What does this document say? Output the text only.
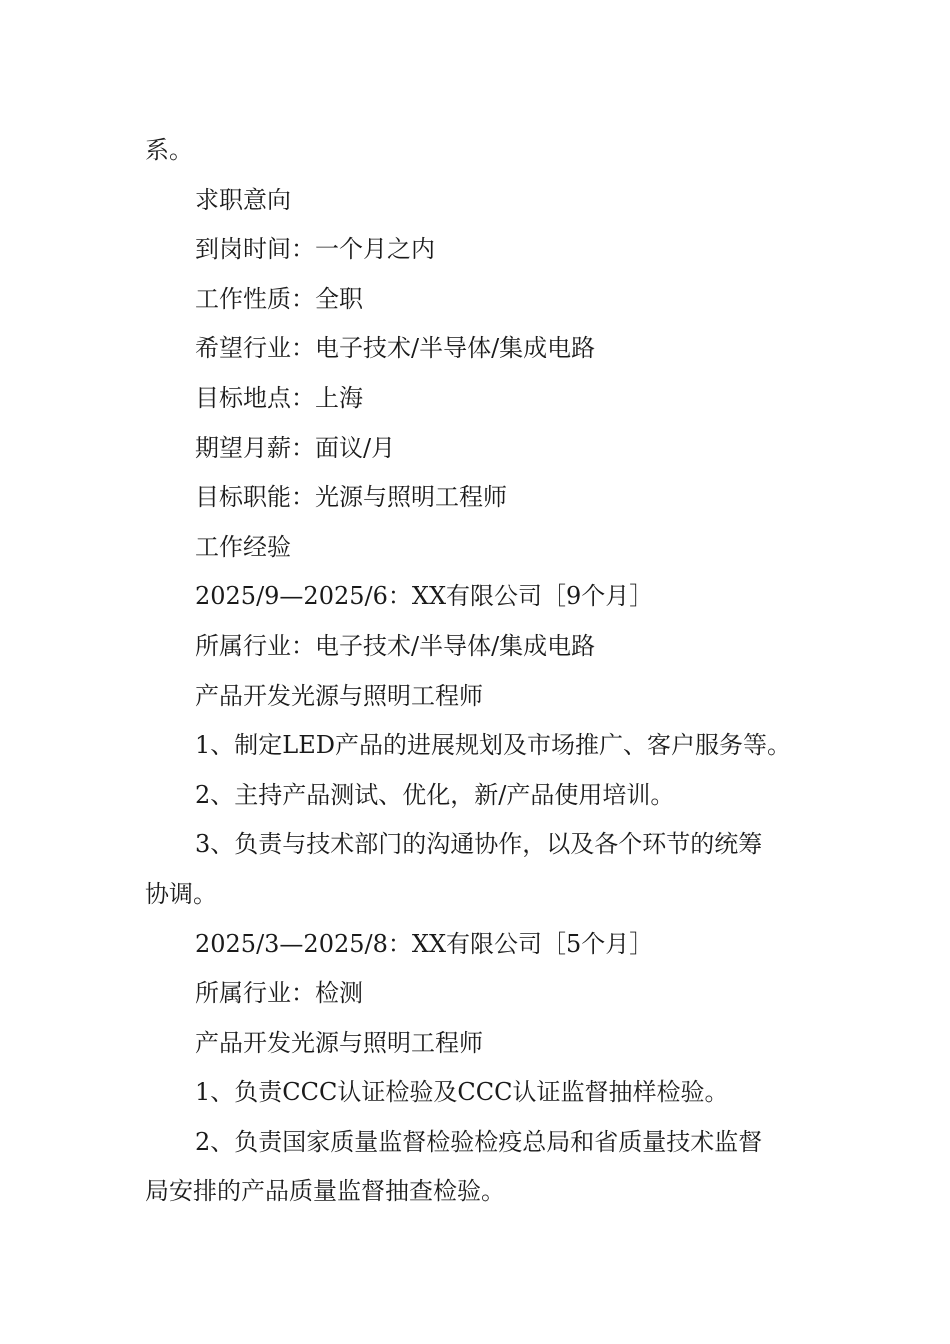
系。

求职意向

到岗时间：一个月之内

工作性质：全职

希望行业：电子技术/半导体/集成电路

目标地点：上海

期望月薪：面议/月

目标职能：光源与照明工程师

工作经验

2025/9—2025/6：XX有限公司［9个月］

所属行业：电子技术/半导体/集成电路

产品开发光源与照明工程师

1、制定LED产品的进展规划及市场推广、客户服务等。

2、主持产品测试、优化，新/产品使用培训。

3、负责与技术部门的沟通协作，以及各个环节的统筹

协调。

2025/3—2025/8：XX有限公司［5个月］

所属行业：检测

产品开发光源与照明工程师

1、负责CCC认证检验及CCC认证监督抽样检验。

2、负责国家质量监督检验检疫总局和省质量技术监督

局安排的产品质量监督抽查检验。
